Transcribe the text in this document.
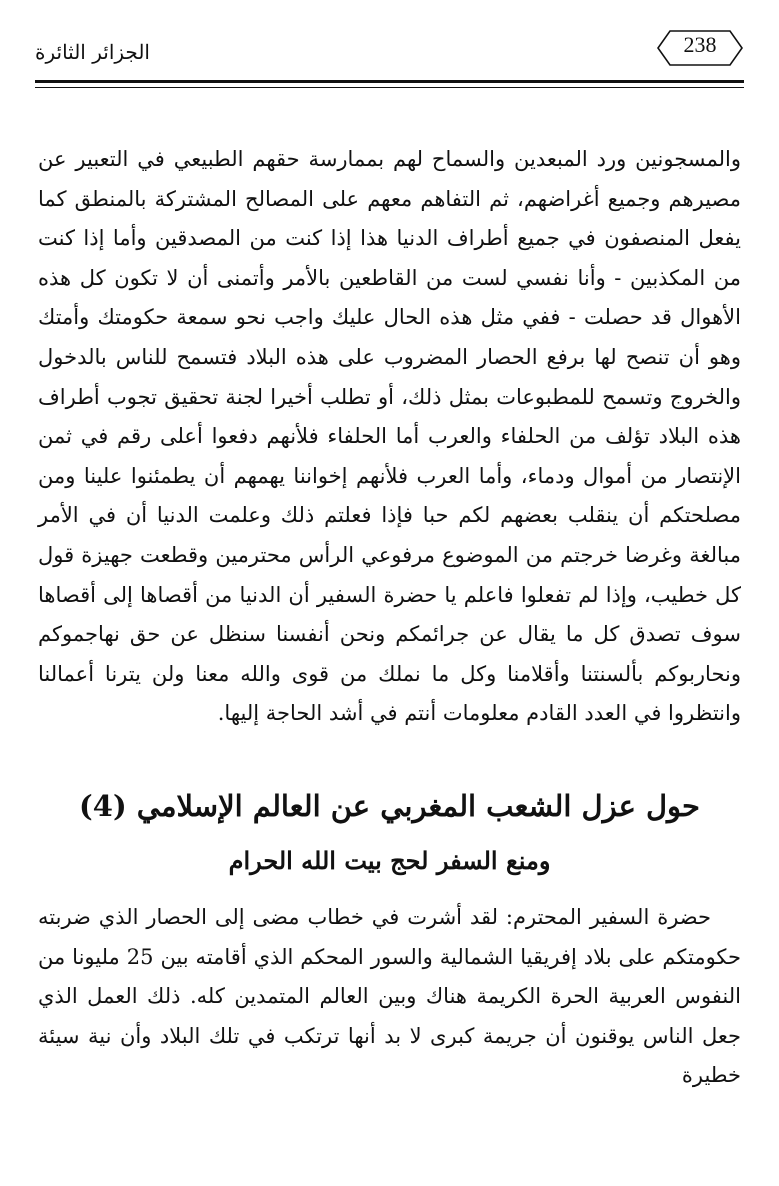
الجزائر الثائرة	238

والمسجونين ورد المبعدين والسماح لهم بممارسة حقهم الطبيعي في التعبير عن مصيرهم وجميع أغراضهم، ثم التفاهم معهم على المصالح المشتركة بالمنطق كما يفعل المنصفون في جميع أطراف الدنيا هذا إذا كنت من المصدقين وأما إذا كنت من المكذبين - وأنا نفسي لست من القاطعين بالأمر وأتمنى أن لا تكون كل هذه الأهوال قد حصلت - ففي مثل هذه الحال عليك واجب نحو سمعة حكومتك وأمتك وهو أن تنصح لها برفع الحصار المضروب على هذه البلاد فتسمح للناس بالدخول والخروج وتسمح للمطبوعات بمثل ذلك، أو تطلب أخيرا لجنة تحقيق تجوب أطراف هذه البلاد تؤلف من الحلفاء والعرب أما الحلفاء فلأنهم دفعوا أعلى رقم في ثمن الإنتصار من أموال ودماء، وأما العرب فلأنهم إخواننا يهمهم أن يطمئنوا علينا ومن مصلحتكم أن ينقلب بعضهم لكم حبا فإذا فعلتم ذلك وعلمت الدنيا أن في الأمر مبالغة وغرضا خرجتم من الموضوع مرفوعي الرأس محترمين وقطعت جهيزة قول كل خطيب، وإذا لم تفعلوا فاعلم يا حضرة السفير أن الدنيا من أقصاها إلى أقصاها سوف تصدق كل ما يقال عن جرائمكم ونحن أنفسنا سنظل عن حق نهاجموكم ونحاربوكم بألسنتنا وأقلامنا وكل ما نملك من قوى والله معنا ولن يترنا أعمالنا وانتظروا في العدد القادم معلومات أنتم في أشد الحاجة إليها.

حول عزل الشعب المغربي عن العالم الإسلامي (4)
ومنع السفر لحج بيت الله الحرام

حضرة السفير المحترم: لقد أشرت في خطاب مضى إلى الحصار الذي ضربته حكومتكم على بلاد إفريقيا الشمالية والسور المحكم الذي أقامته بين 25 مليونا من النفوس العربية الحرة الكريمة هناك وبين العالم المتمدين كله. ذلك العمل الذي جعل الناس يوقنون أن جريمة كبرى لا بد أنها ترتكب في تلك البلاد وأن نية سيئة خطيرة
